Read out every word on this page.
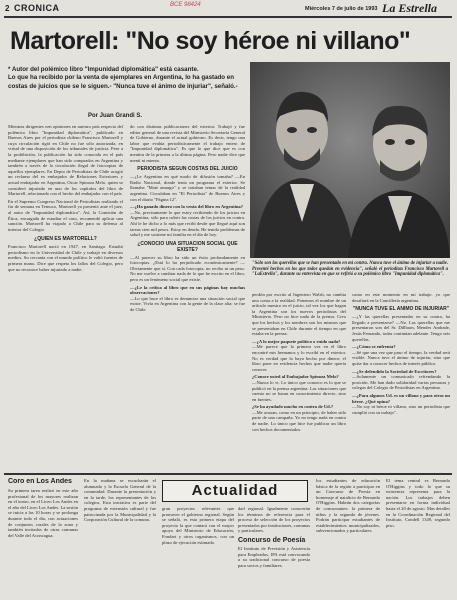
2 CRONICA	BCE 98424
Miércoles 7 de julio de 1993 La Estrella
Martorell: "No soy héroe ni villano"
* Autor del polémico libro "Impunidad diplomática" está casante.
Lo que ha recibido por la venta de ejemplares en Argentina, lo ha gastado en costas de juicios que se le siguen.- "Nunca tuve el ánimo de injuriar", señaló.-
Por Juan Grandi S.
Mientras dirigentes ven opiniones en nuestro país respecto del polémico libro "Impunidad diplomática", publicado en Buenos Aires por el periodista chileno Francisco Martorell y cuya circulación rigió en Chile no fue sólo autorizada, en virtud de una disposición de los tribunales de justicia. Pese a la prohibición, la publicación ha sido conocida en el país mediante ejemplares que han sido comprados en Argentina y también a través de la circulación ilegal de fotocopias de aquellos ejemplares. En Depto de Periodistas de Chile acogió un reclamo del ex embajador de Relaciones Exteriores y actual embajador en Argentina, Oscar Spinoza Melo, quien se consideró injuriado en uno de los capítulos del libro de Martorell, relacionado con el hecho del embajador con el país.
En el Supremo Congreso Nacional de Periodistas realizado el fin de semana en Temuco, Martorell ya presentó ante el juez, al autor de "Impunidad diplomática". Así, la Comisión de Ética, encargada de estudiar el caso, recomendó aplicar una sanción. Martorell ha viajado a Chile para su defensa al interior del Colegio.
¿QUIEN ES MARTORELL?
Francisco Martorell nació en 1947, en Santiago. Estudió periodismo en la Universidad de Chile y trabajó en diversos medios. Su cercanía con el mundo político le valió fuentes de primera mano. Dice que respeta los fallos del Colegio, pero que no reconoce haber injuriado a nadie.
do con distintas publicaciones del exterior. Trabajó y fue editor general de una revista del Ministerio Secretaría General de Gobierno, durante el actual gobierno. Es decir, tengo una labor que evalúa periodísticamente el trabajo entero de "Impunidad diplomática". Es que lo que dice que es con mentira de la primera a la última página. Pero nadie dice que mentí ni miento.
PERIODISTA SEGUN COSTAS DEL JUICIO
—¿Le Argentina en qué modo de difusión tomaba? —En Radio Nacional, donde tenía un programa el exterior. Se llamaba "Mate amargo" y se trataban temas de la realidad argentina. Circulaban en "El Periodista" de Buenos Aires y con el diario "Página 12".
—¿Ha ganado dinero con la venta del libro en Argentina?
—No, precisamente lo que estoy recibiendo de los juicios en Argentina, sólo para cubrir las costas de los juicios en contra. Ahí le he dicho a lo más que recibí desde que llegué aquí son tareas cien mil pesos. Estoy en deuda. He tenido problemas de salud y me sostiene mi familia en el día de hoy.
¿CONOCIO UNA SITUACION SOCIAL QUE EXISTE?
—Al parecer su libro ha sido un éxito profundamente en fotocopias. ¿Está lo ha perjudicado económicamente? —Obviamente que sí. Con cada fotocopia, no recibo ni un peso. No me vuelve a cambiar nada de lo que he escrito en el libro, pero es un fenómeno social que existe.
—¿Le la crítica al libro que en sus páginas hay muchas observaciones?
—Lo que hace el libro es denunciar una situación social que existe. Vivía en Argentina con la gente de la clase alta; se fue de Chile.
"Sólo son las querellas que se han presentado en mi contra. Nunca tuve el ánimo de injuriar a nadie. Presenté hechos en los que todos quedan en evidencia", señaló el periodista Francisco Martorell a "LaEstrella", durante su entrevista en que se refirió a su polémico libro "Impunidad diplomática".
perdón por escrito al Ingeniero Walsh, no cambia una coma a la realidad. Ponemos el nombre de un artículo nuestro en el juicio, tal vez los que hagan la Argentina son los nuevos periodistas del Ministerio. Pero no hice nada de la prensa. Creo que los hechos y los nombres son los mismos que se presentaban en Chile durante el tiempo en que estaba en la prensa.
—¿A lo mejor paquete político o ruido nada?
—Me parece que la primera vez en el libro encontré mis hermanos y lo escribí en el exterior. No es verdad que lo haya hecho por dinero; el libro pone en evidencia hechos que nadie quería conocer.
¿Conoce usted al Embajador Spinoza Melo?
—Nunca lo vi. Lo único que conozco es lo que se publicó en la prensa argentina. Las situaciones que cuento no se basan en conocimiento directo, sino en fuentes.
¿Se ha ayudado mucho en contra de Ud.?
—Me acusan, como en un principio, de haber sido parte de una campaña. Yo no tengo nada en contra de nadie. Lo único que hice fue publicar un libro con hechos documentados.
como en este momento en mi trabajo. yo que desafiará en la Cancillería argentina.
"NUNCA TUVE EL ANIMO DE INJURIAR"
—¿Y las querellas presentadas en su contra, ha llegado a presentarse? —No. Las querellas que me presentaron son del Sr. Dillbarn, Mendes Andrade, Jesús Fernando, todas continúan adelante. Tengo seis querellas.
—¿Cómo se enfrenta?
—Sé que una vez que paso el tiempo, la verdad será visible. Nunca tuve el ánimo de injuriar, sino que quise dar a conocer hechos de interés público.
—¿Se defendido la Sociedad de Escritores?
—Solamente un comunicado refrendando la posición. Me han dado solidaridad varias personas y colegas del Colegio de Periodistas en Argentina.
—¿Para algunos Ud. es un villano y para otros un héroe. ¿Qué opina?
—No soy ni héroe ni villano, sino un periodista que cumplió con su trabajo".
Coro en Los Andes
Su primera tarea realizó en este año profesional de los mayores realizan en el teatro, en el Liceo Los Andes en el año del Liceo Los Andes. La sesión se inicia a las 10 horas y se prolonga durante todo el día, con actuaciones de conjuntos corales de la zona y también invitados de otras comunas del Valle del Aconcagua.
En la mañana se escucharán el alumnado y la Escuela General de la comunidad. Durante la presentación y en la tarde, los representantes de los colegios. Esta iniciativa es parte del programa de extensión cultural y fue patrocinada por la Municipalidad y la Corporación Cultural de la comuna.
Actualidad
gran proyectos relevantes que promover el gobierno regional. Según se señaló, es esta primera etapa del proyecto la que contará con el mayor apoyo del Ministerio de Educación, Fondart y otros organismos, con un plazo de ejecución estimado.
dad regional. Igualmente conocerán los términos de referencia para el proceso de selección de los proyectos presentados por instituciones, comunas y particulares.
Concurso de Poesía
El Instituto de Previsión y Asistencia para Empleados, IPA está convocando a su tradicional concurso de poesía para socios y familiares.
los estudiantes de educación básica de la región a participar en un Concurso de Poesía en homenaje al natalicio de Bernardo O'Higgins. Habrán dos categorías de concursantes: la primera de niños y la segunda de jóvenes. Podrán participar estudiantes de establecimientos municipalizados, subvencionados y particulares.
El tema central es Bernardo O'Higgins y todo lo que su existencia representa para la nación. Los trabajos deben presentarse en forma individual hasta el 20 de agosto. Mas detalles en la Coordinación Regional del Instituto, Condell 1349, segundo piso.
